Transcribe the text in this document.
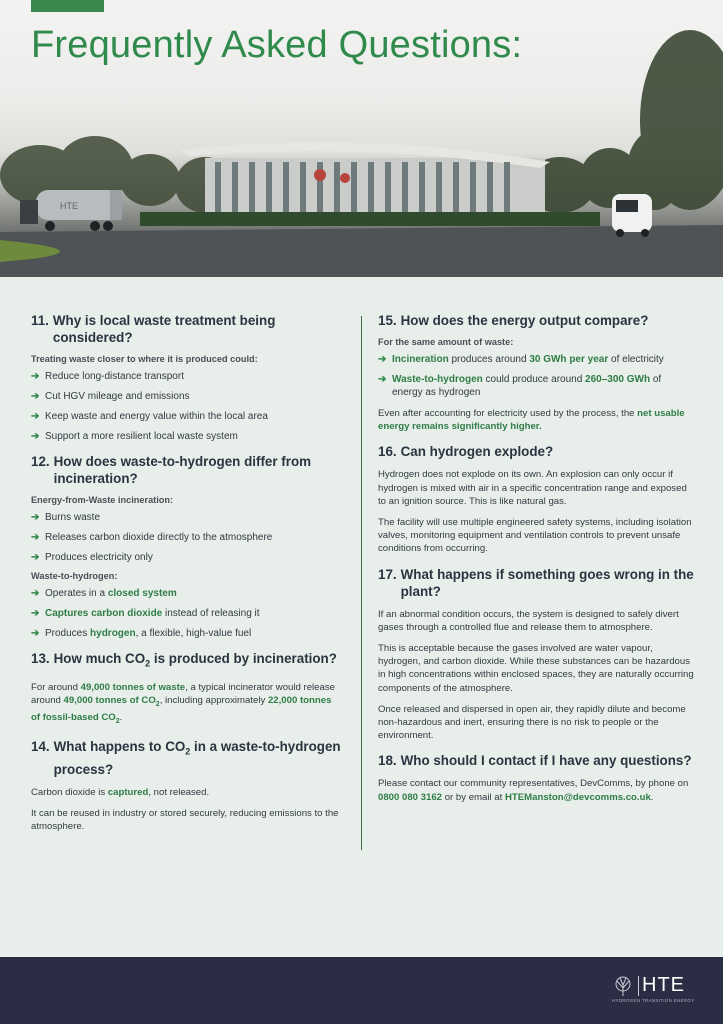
HTE
Frequently Asked Questions:
11. Why is local waste treatment being considered?
Treating waste closer to where it is produced could:
➔ Reduce long-distance transport
➔ Cut HGV mileage and emissions
➔ Keep waste and energy value within the local area
➔ Support a more resilient local waste system
12. How does waste-to-hydrogen differ from incineration?
Energy-from-Waste incineration:
➔ Burns waste
➔ Releases carbon dioxide directly to the atmosphere
➔ Produces electricity only
Waste-to-hydrogen:
➔ Operates in a closed system
➔ Captures carbon dioxide instead of releasing it
➔ Produces hydrogen, a flexible, high-value fuel
13. How much $CO_2$ is produced by incineration?

For around 49,000 tonnes of waste, a typical incinerator would release around 49,000 tonnes of $CO_2$, including approximately 22,000 tonnes of fossil-based $CO_2$.

14. What happens to $CO_2$ in a waste-to-hydrogen process?

Carbon dioxide is captured, not released.

It can be reused in industry or stored securely, reducing emissions to the atmosphere.

15. How does the energy output compare?
For the same amount of waste:
➔ Incineration produces around 30 GWh per year of electricity
➔ Waste-to-hydrogen could produce around 260–300 GWh of energy as hydrogen

Even after accounting for electricity used by the process, the net usable energy remains significantly higher.

16. Can hydrogen explode?

Hydrogen does not explode on its own. An explosion can only occur if hydrogen is mixed with air in a specific concentration range and exposed to an ignition source. This is like natural gas.

The facility will use multiple engineered safety systems, including isolation valves, monitoring equipment and ventilation controls to prevent unsafe conditions from occurring.

17. What happens if something goes wrong in the plant?

If an abnormal condition occurs, the system is designed to safely divert gases through a controlled flue and release them to atmosphere.

This is acceptable because the gases involved are water vapour, hydrogen, and carbon dioxide. While these substances can be hazardous in high concentrations within enclosed spaces, they are naturally occurring components of the atmosphere.

Once released and dispersed in open air, they rapidly dilute and become non-hazardous and inert, ensuring there is no risk to people or the environment.

18. Who should I contact if I have any questions?

Please contact our community representatives, DevComms, by phone on 0800 080 3162 or by email at HTEManston@devcomms.co.uk.

HTE
HYDROGEN TRANSITION ENERGY
